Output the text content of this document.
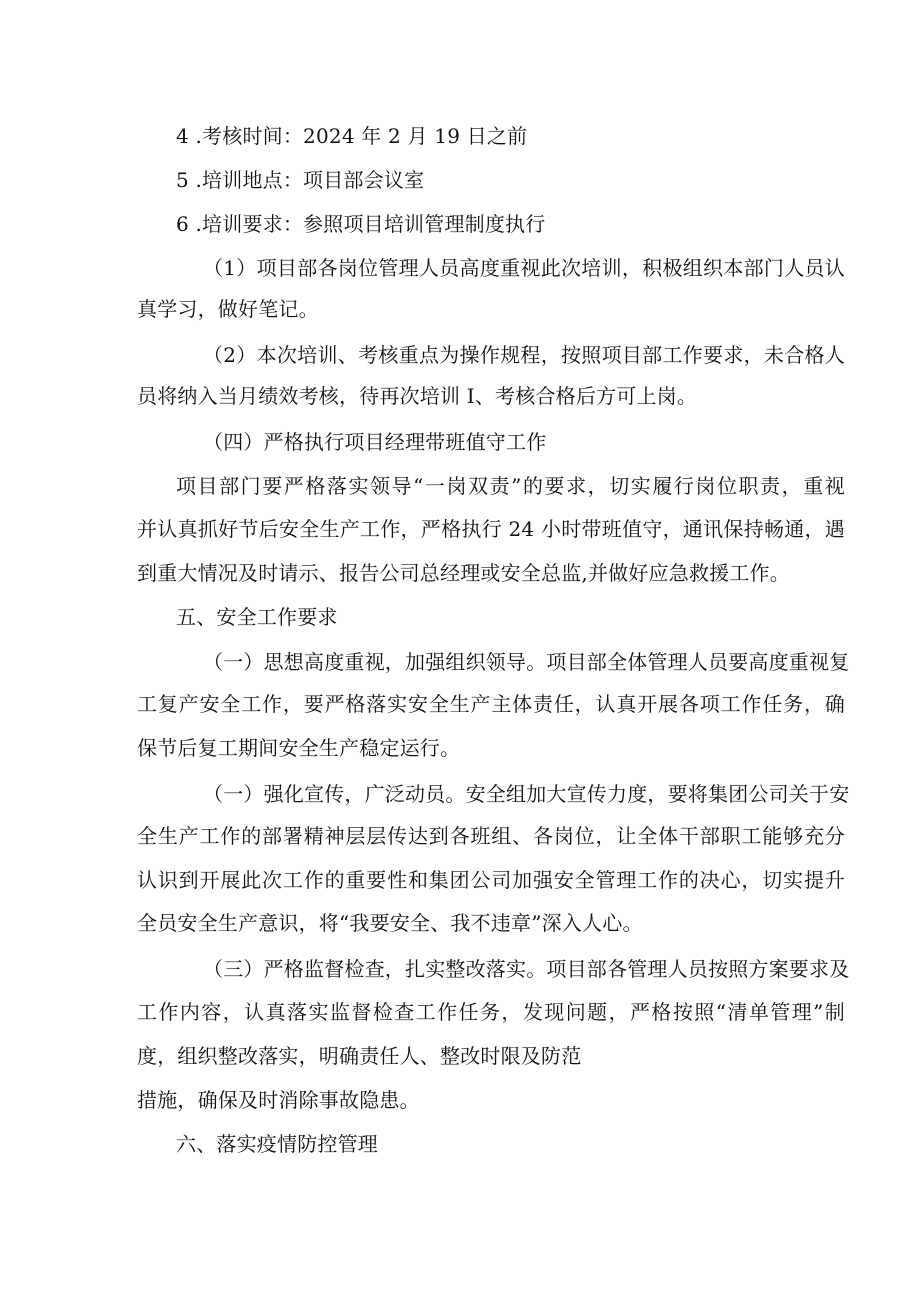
4 .考核时间：2024 年 2 月 19 日之前
5 .培训地点：项目部会议室
6 .培训要求：参照项目培训管理制度执行
（1）项目部各岗位管理人员高度重视此次培训，积极组织本部门人员认
真学习，做好笔记。
（2）本次培训、考核重点为操作规程，按照项目部工作要求，未合格人
员将纳入当月绩效考核，待再次培训 I、考核合格后方可上岗。
（四）严格执行项目经理带班值守工作
项目部门要严格落实领导“一岗双责”的要求，切实履行岗位职责，重视
并认真抓好节后安全生产工作，严格执行 24 小时带班值守，通讯保持畅通，遇
到重大情况及时请示、报告公司总经理或安全总监,并做好应急救援工作。
五、安全工作要求
（一）思想高度重视，加强组织领导。项目部全体管理人员要高度重视复
工复产安全工作，要严格落实安全生产主体责任，认真开展各项工作任务，确
保节后复工期间安全生产稳定运行。
（一）强化宣传，广泛动员。安全组加大宣传力度，要将集团公司关于安
全生产工作的部署精神层层传达到各班组、各岗位，让全体干部职工能够充分
认识到开展此次工作的重要性和集团公司加强安全管理工作的决心，切实提升
全员安全生产意识，将“我要安全、我不违章”深入人心。
（三）严格监督检查，扎实整改落实。项目部各管理人员按照方案要求及
工作内容，认真落实监督检查工作任务，发现问题，严格按照“清单管理”制
度，组织整改落实，明确责任人、整改时限及防范
措施，确保及时消除事故隐患。
六、落实疫情防控管理
